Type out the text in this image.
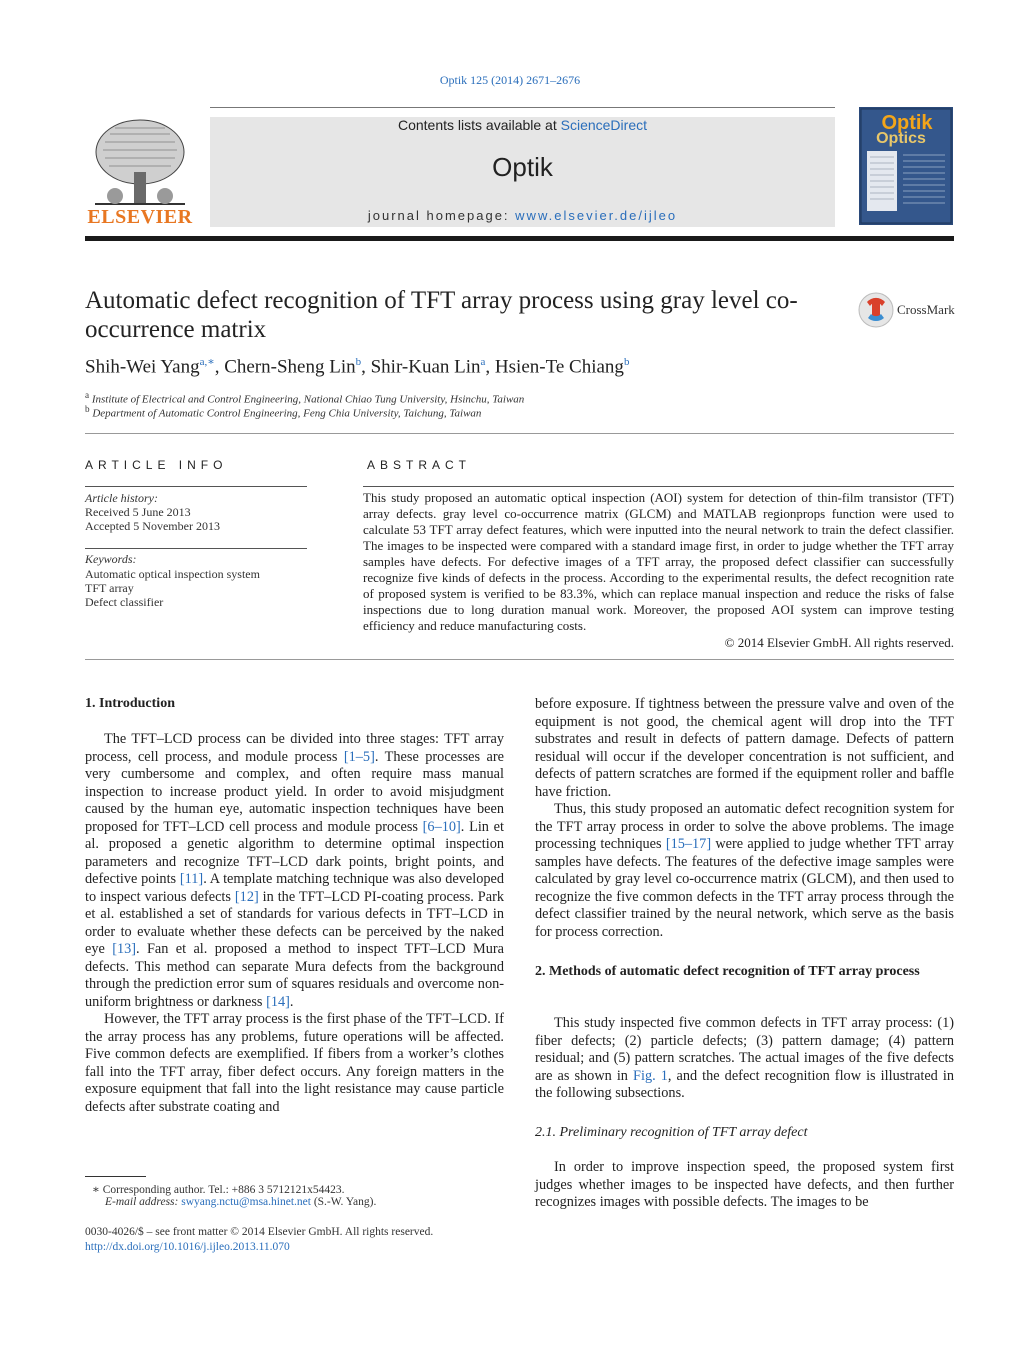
Optik 125 (2014) 2671–2676
Contents lists available at ScienceDirect
Optik
journal homepage: www.elsevier.de/ijleo
ELSEVIER
Optik
Optics
Automatic defect recognition of TFT array process using gray level co-occurrence matrix
CrossMark
Shih-Wei Yang$^{a,∗}$, Chern-Sheng Lin$^b$, Shir-Kuan Lin$^a$, Hsien-Te Chiang$^b$
$^a$ Institute of Electrical and Control Engineering, National Chiao Tung University, Hsinchu, Taiwan
$^b$ Department of Automatic Control Engineering, Feng Chia University, Taichung, Taiwan
ARTICLE INFO
Article history:
Received 5 June 2013
Accepted 5 November 2013
Keywords:
Automatic optical inspection system
TFT array
Defect classifier
ABSTRACT
This study proposed an automatic optical inspection (AOI) system for detection of thin-film transistor (TFT) array defects. gray level co-occurrence matrix (GLCM) and MATLAB regionprops function were used to calculate 53 TFT array defect features, which were inputted into the neural network to train the defect classifier. The images to be inspected were compared with a standard image first, in order to judge whether the TFT array samples have defects. For defective images of a TFT array, the proposed defect classifier can successfully recognize five kinds of defects in the process. According to the experimental results, the defect recognition rate of proposed system is verified to be 83.3%, which can replace manual inspection and reduce the risks of false inspections due to long duration manual work. Moreover, the proposed AOI system can improve testing efficiency and reduce manufacturing costs.
© 2014 Elsevier GmbH. All rights reserved.
1. Introduction

The TFT–LCD process can be divided into three stages: TFT array process, cell process, and module process [1–5]. These processes are very cumbersome and complex, and often require mass manual inspection to increase product yield. In order to avoid misjudgment caused by the human eye, automatic inspection techniques have been proposed for TFT–LCD cell process and module process [6–10]. Lin et al. proposed a genetic algorithm to determine optimal inspection parameters and recognize TFT–LCD dark points, bright points, and defective points [11]. A template matching technique was also developed to inspect various defects [12] in the TFT–LCD PI-coating process. Park et al. established a set of standards for various defects in TFT–LCD in order to evaluate whether these defects can be perceived by the naked eye [13]. Fan et al. proposed a method to inspect TFT–LCD Mura defects. This method can separate Mura defects from the background through the prediction error sum of squares residuals and overcome non-uniform brightness or darkness [14].

However, the TFT array process is the first phase of the TFT–LCD. If the array process has any problems, future operations will be affected. Five common defects are exemplified. If fibers from a worker’s clothes fall into the TFT array, fiber defect occurs. Any foreign matters in the exposure equipment that fall into the light resistance may cause particle defects after substrate coating and

before exposure. If tightness between the pressure valve and oven of the equipment is not good, the chemical agent will drop into the TFT substrates and result in defects of pattern damage. Defects of pattern residual will occur if the developer concentration is not sufficient, and defects of pattern scratches are formed if the equipment roller and baffle have friction.

Thus, this study proposed an automatic defect recognition system for the TFT array process in order to solve the above problems. The image processing techniques [15–17] were applied to judge whether TFT array samples have defects. The features of the defective image samples were calculated by gray level co-occurrence matrix (GLCM), and then used to recognize the five common defects in the TFT array process through the defect classifier trained by the neural network, which serve as the basis for process correction.

2. Methods of automatic defect recognition of TFT array process

This study inspected five common defects in TFT array process: (1) fiber defects; (2) particle defects; (3) pattern damage; (4) pattern residual; and (5) pattern scratches. The actual images of the five defects are as shown in Fig. 1, and the defect recognition flow is illustrated in the following subsections.

2.1. Preliminary recognition of TFT array defect

In order to improve inspection speed, the proposed system first judges whether images to be inspected have defects, and then further recognizes images with possible defects. The images to be

∗ Corresponding author. Tel.: +886 3 5712121x54423.
E-mail address: swyang.nctu@msa.hinet.net (S.-W. Yang).
0030-4026/$ – see front matter © 2014 Elsevier GmbH. All rights reserved.
http://dx.doi.org/10.1016/j.ijleo.2013.11.070
